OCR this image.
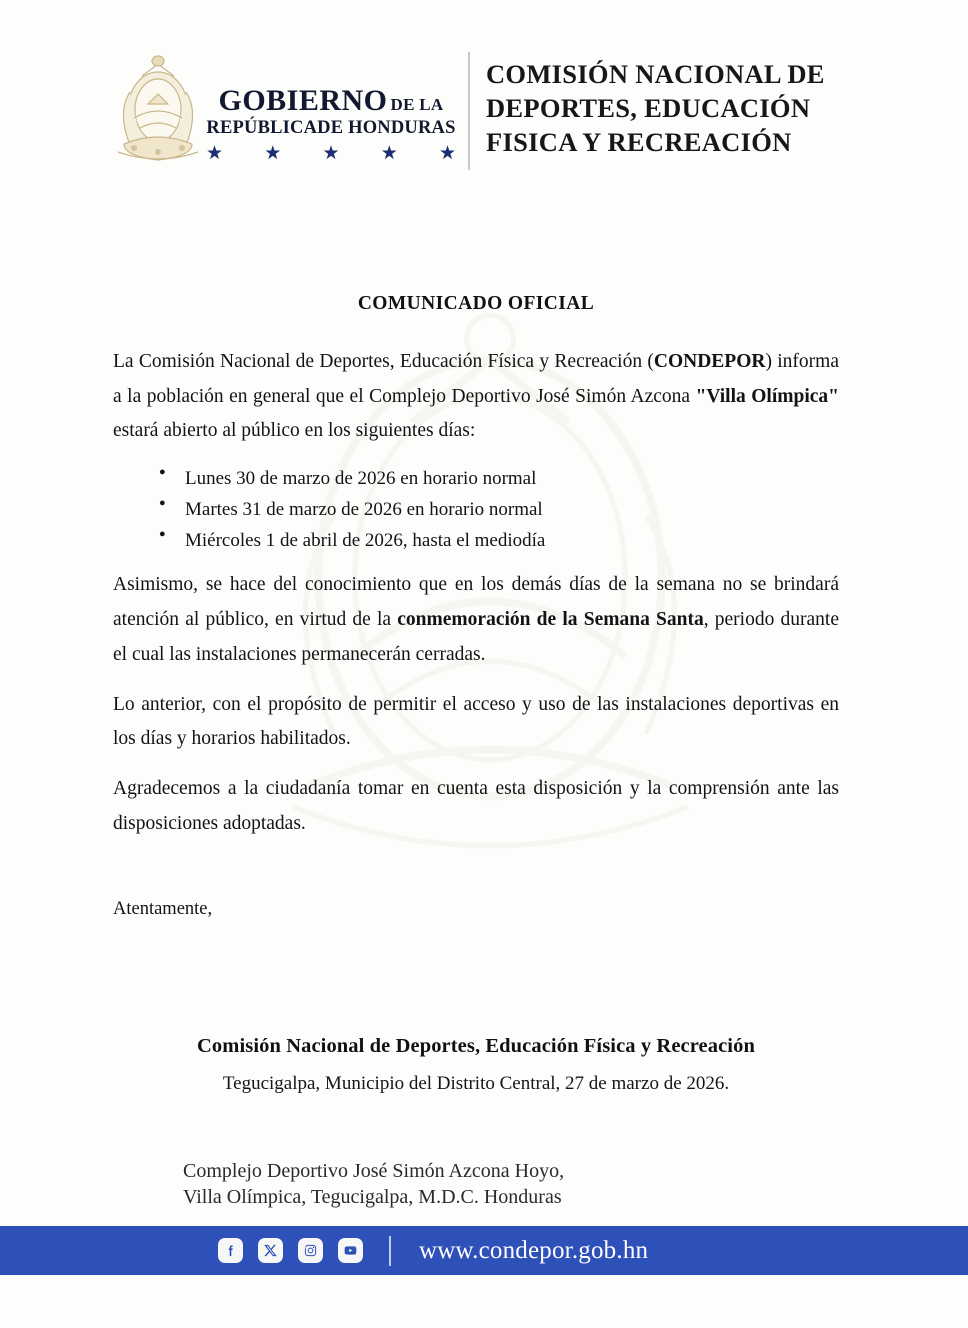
GOBIERNO DE LA
REPÚBLICADE HONDURAS
★ ★ ★ ★ ★
COMISIÓN NACIONAL DE
DEPORTES, EDUCACIÓN
FISICA Y RECREACIÓN
COMUNICADO OFICIAL

La Comisión Nacional de Deportes, Educación Física y Recreación (CONDEPOR) informa a la población en general que el Complejo Deportivo José Simón Azcona "Villa Olímpica" estará abierto al público en los siguientes días:

● Lunes 30 de marzo de 2026 en horario normal
● Martes 31 de marzo de 2026 en horario normal
● Miércoles 1 de abril de 2026, hasta el mediodía

Asimismo, se hace del conocimiento que en los demás días de la semana no se brindará atención al público, en virtud de la conmemoración de la Semana Santa, periodo durante el cual las instalaciones permanecerán cerradas.

Lo anterior, con el propósito de permitir el acceso y uso de las instalaciones deportivas en los días y horarios habilitados.

Agradecemos a la ciudadanía tomar en cuenta esta disposición y la comprensión ante las disposiciones adoptadas.

Atentamente,
Comisión Nacional de Deportes, Educación Física y Recreación
Tegucigalpa, Municipio del Distrito Central, 27 de marzo de 2026.
Complejo Deportivo José Simón Azcona Hoyo,
Villa Olímpica, Tegucigalpa, M.D.C. Honduras
www.condepor.gob.hn
